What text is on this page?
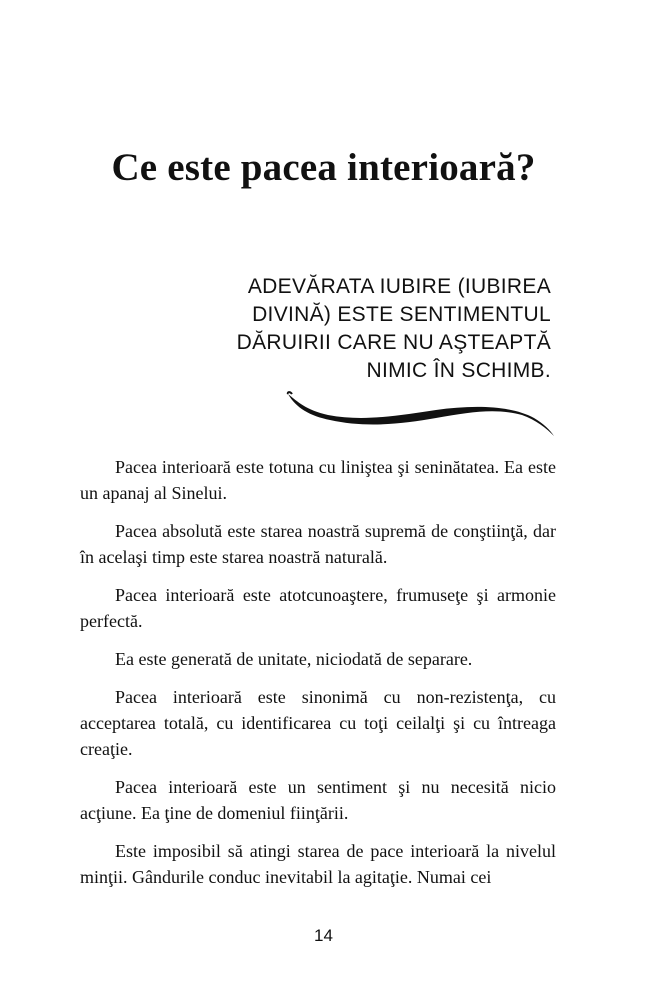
Ce este pacea interioară?
ADEVĂRATA IUBIRE (IUBIREA
DIVINĂ) ESTE SENTIMENTUL
DĂRUIRII CARE NU AŞTEAPTĂ
NIMIC ÎN SCHIMB.

Pacea interioară este totuna cu liniştea şi seninătatea. Ea este un apanaj al Sinelui.

Pacea absolută este starea noastră supremă de conştiinţă, dar în acelaşi timp este starea noastră naturală.

Pacea interioară este atotcunoaştere, frumuseţe şi armonie perfectă.

Ea este generată de unitate, niciodată de separare.

Pacea interioară este sinonimă cu non-rezistenţa, cu acceptarea totală, cu identificarea cu toţi ceilalţi şi cu întreaga creaţie.

Pacea interioară este un sentiment şi nu necesită nicio acţiune. Ea ţine de domeniul fiinţării.

Este imposibil să atingi starea de pace interioară la nivelul minţii. Gândurile conduc inevitabil la agitaţie. Numai cei

14
